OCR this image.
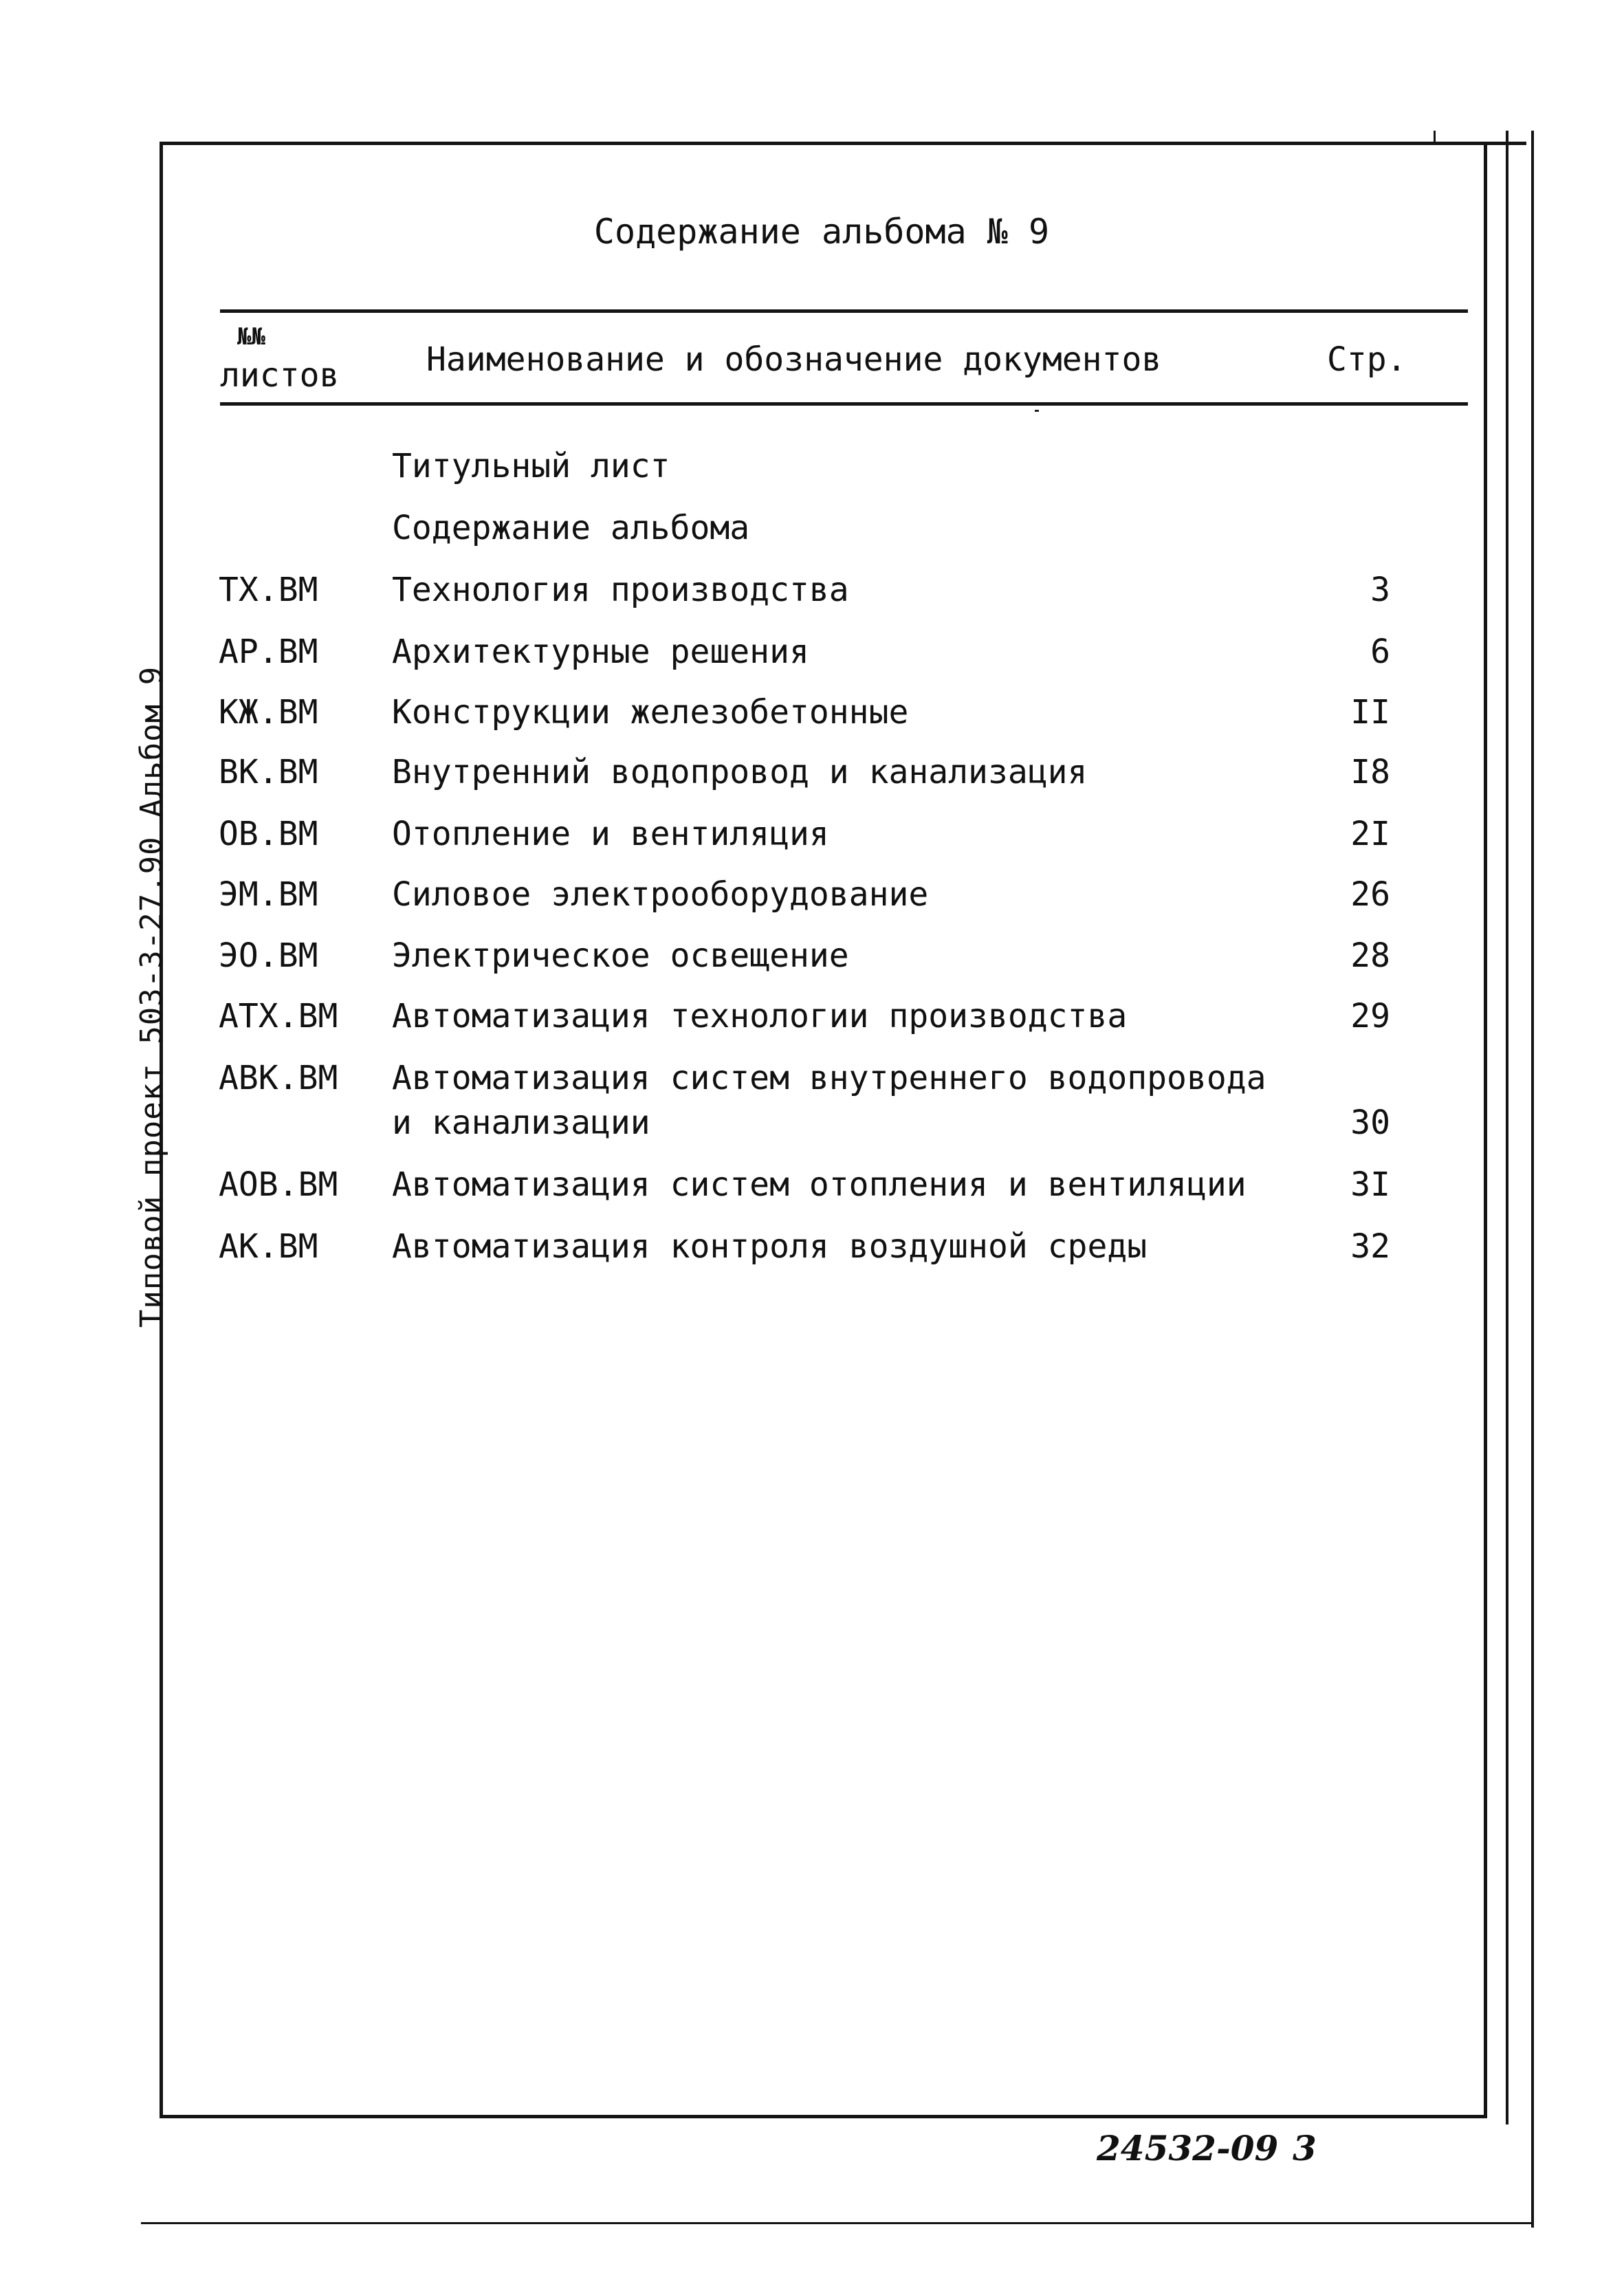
Типовой проект 503-3-27.90 Альбом 9
Содержание альбома № 9
№№
листов	Наименование и обозначение документов	Стр.
Титульный лист
Содержание альбома
ТХ.ВМ Технология производства	3
АР.ВМ Архитектурные решения	6
КЖ.ВМ Конструкции железобетонные	II
ВК.ВМ Внутренний водопровод и канализация	I8
ОВ.ВМ Отопление и вентиляция	2I
ЭМ.ВМ Силовое электрооборудование	26
ЭО.ВМ Электрическое освещение	28
АТХ.ВМ Автоматизация технологии производства	29
АВК.ВМ Автоматизация систем внутреннего водопровода
и канализации	30
АОВ.ВМ Автоматизация систем отопления и вентиляции	3I
АК.ВМ Автоматизация контроля воздушной среды	32
24532-09 3
